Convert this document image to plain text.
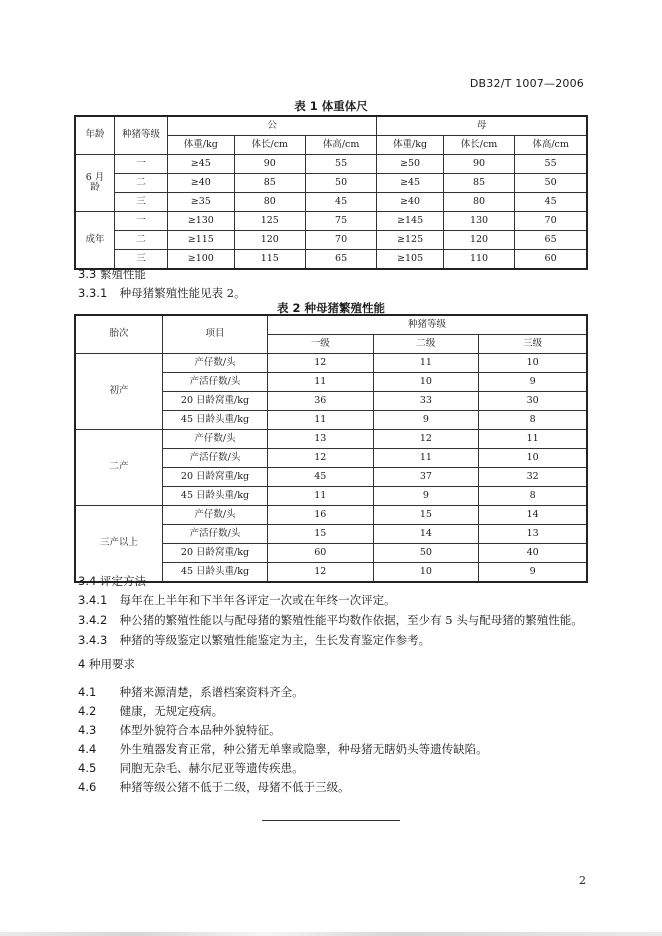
DB32/T 1007—2006
表 1 体重体尺
年龄	种猪等级	公			母		
		体重/kg	体长/cm	体高/cm	体重/kg	体长/cm	体高/cm
6 月龄	一	≥45	90	55	≥50	90	55
	二	≥40	85	50	≥45	85	50
	三	≥35	80	45	≥40	80	45
成年	一	≥130	125	75	≥145	130	70
	二	≥115	120	70	≥125	120	65
	三	≥100	115	65	≥105	110	60
3.3 繁殖性能
3.3.1 种母猪繁殖性能见表 2。
表 2 种母猪繁殖性能
胎次	项目	种猪等级		
		一级	二级	三级
初产	产仔数/头	12	11	10
	产活仔数/头	11	10	9
	20 日龄窝重/kg	36	33	30
	45 日龄头重/kg	11	9	8
二产	产仔数/头	13	12	11
	产活仔数/头	12	11	10
	20 日龄窝重/kg	45	37	32
	45 日龄头重/kg	11	9	8
三产以上	产仔数/头	16	15	14
	产活仔数/头	15	14	13
	20 日龄窝重/kg	60	50	40
	45 日龄头重/kg	12	10	9
3.4 评定方法
3.4.1 每年在上半年和下半年各评定一次或在年终一次评定。
3.4.2 种公猪的繁殖性能以与配母猪的繁殖性能平均数作依据，至少有 5 头与配母猪的繁殖性能。
3.4.3 种猪的等级鉴定以繁殖性能鉴定为主，生长发育鉴定作参考。
4 种用要求
4.1 种猪来源清楚，系谱档案资料齐全。
4.2 健康，无规定疫病。
4.3 体型外貌符合本品种外貌特征。
4.4 外生殖器发育正常，种公猪无单睾或隐睾，种母猪无瞎奶头等遗传缺陷。
4.5 同胞无杂毛、赫尔尼亚等遗传疾患。
4.6 种猪等级公猪不低于二级，母猪不低于三级。
2
